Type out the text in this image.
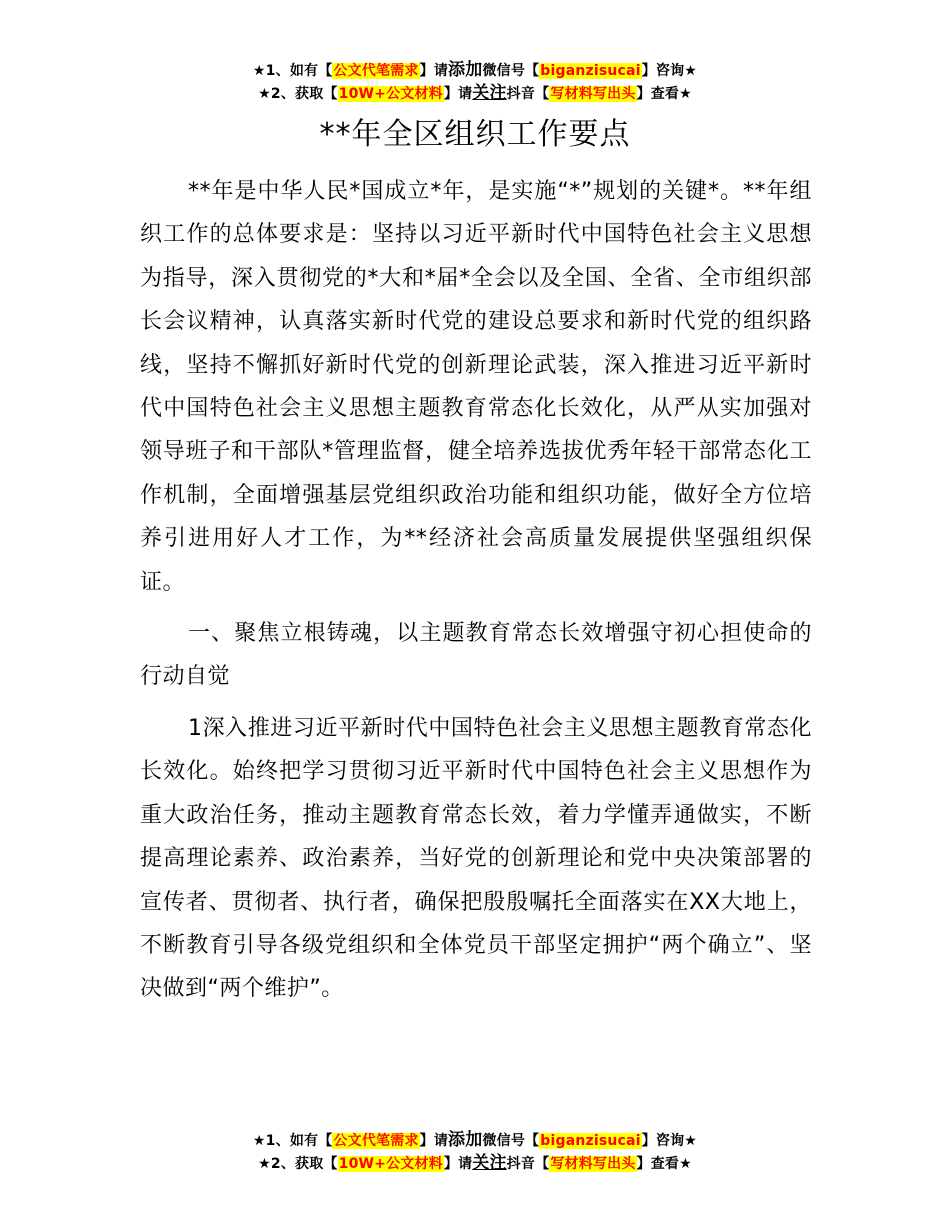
★1、如有【公文代笔需求】请添加微信号【biganzisucai】咨询★
★2、获取【10W+公文材料】请关注抖音【写材料写出头】查看★
**年全区组织工作要点

**年是中华人民*国成立*年，是实施“*”规划的关键*。**年组织工作的总体要求是：坚持以习近平新时代中国特色社会主义思想为指导，深入贯彻党的*大和*届*全会以及全国、全省、全市组织部长会议精神，认真落实新时代党的建设总要求和新时代党的组织路线，坚持不懈抓好新时代党的创新理论武装，深入推进习近平新时代中国特色社会主义思想主题教育常态化长效化，从严从实加强对领导班子和干部队*管理监督，健全培养选拔优秀年轻干部常态化工作机制，全面增强基层党组织政治功能和组织功能，做好全方位培养引进用好人才工作，为**经济社会高质量发展提供坚强组织保证。

一、聚焦立根铸魂，以主题教育常态长效增强守初心担使命的行动自觉

1深入推进习近平新时代中国特色社会主义思想主题教育常态化长效化。始终把学习贯彻习近平新时代中国特色社会主义思想作为重大政治任务，推动主题教育常态长效，着力学懂弄通做实，不断提高理论素养、政治素养，当好党的创新理论和党中央决策部署的宣传者、贯彻者、执行者，确保把殷殷嘱托全面落实在XX大地上，不断教育引导各级党组织和全体党员干部坚定拥护“两个确立”、坚决做到“两个维护”。

★1、如有【公文代笔需求】请添加微信号【biganzisucai】咨询★
★2、获取【10W+公文材料】请关注抖音【写材料写出头】查看★
